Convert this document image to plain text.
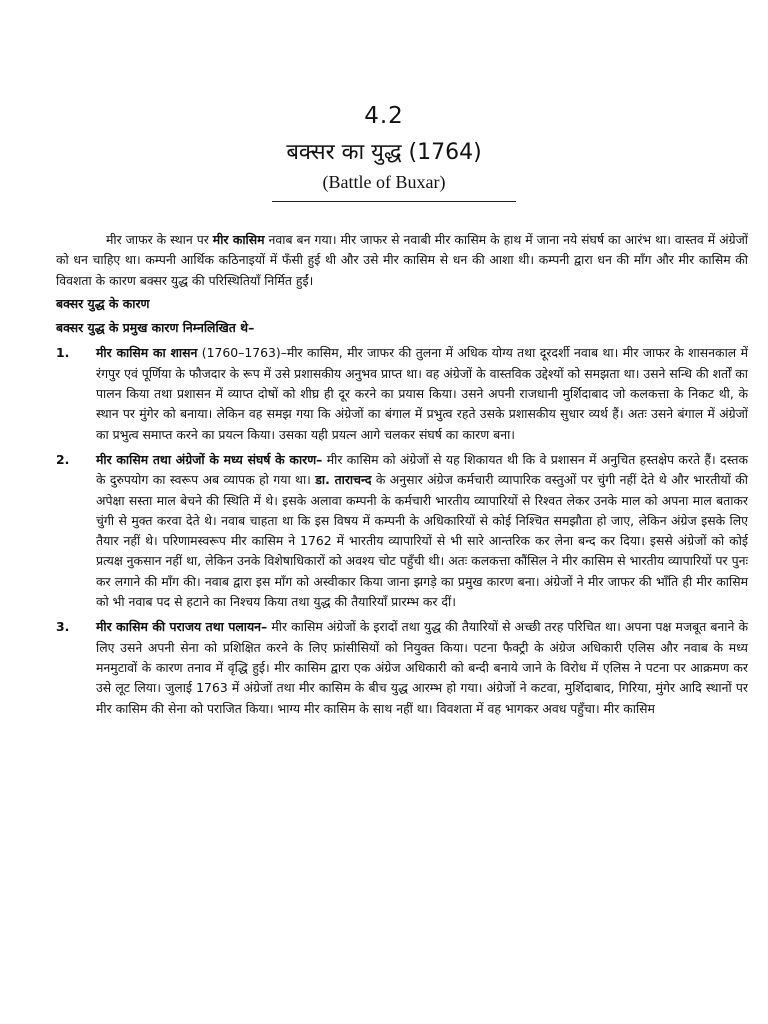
4.2
बक्सर का युद्ध (1764)
(Battle of Buxar)

मीर जाफर के स्थान पर मीर कासिम नवाब बन गया। मीर जाफर से नवाबी मीर कासिम के हाथ में जाना नये संघर्ष का आरंभ था। वास्तव में अंग्रेजों को धन चाहिए था। कम्पनी आर्थिक कठिनाइयों में फँसी हुई थी और उसे मीर कासिम से धन की आशा थी। कम्पनी द्वारा धन की माँग और मीर कासिम की विवशता के कारण बक्सर युद्ध की परिस्थितियाँ निर्मित हुईं।

बक्सर युद्ध के कारण

बक्सर युद्ध के प्रमुख कारण निम्नलिखित थे–

1. मीर कासिम का शासन (1760–1763)–मीर कासिम, मीर जाफर की तुलना में अधिक योग्य तथा दूरदर्शी नवाब था। मीर जाफर के शासनकाल में रंगपुर एवं पूर्णिया के फौजदार के रूप में उसे प्रशासकीय अनुभव प्राप्त था। वह अंग्रेजों के वास्तविक उद्देश्यों को समझता था। उसने सन्धि की शर्तों का पालन किया तथा प्रशासन में व्याप्त दोषों को शीघ्र ही दूर करने का प्रयास किया। उसने अपनी राजधानी मुर्शिदाबाद जो कलकत्ता के निकट थी, के स्थान पर मुंगेर को बनाया। लेकिन वह समझ गया कि अंग्रेजों का बंगाल में प्रभुत्व रहते उसके प्रशासकीय सुधार व्यर्थ हैं। अतः उसने बंगाल में अंग्रेजों का प्रभुत्व समाप्त करने का प्रयत्न किया। उसका यही प्रयत्न आगे चलकर संघर्ष का कारण बना।

2. मीर कासिम तथा अंग्रेजों के मध्य संघर्ष के कारण– मीर कासिम को अंग्रेजों से यह शिकायत थी कि वे प्रशासन में अनुचित हस्तक्षेप करते हैं। दस्तक के दुरुपयोग का स्वरूप अब व्यापक हो गया था। डा. ताराचन्द के अनुसार अंग्रेज कर्मचारी व्यापारिक वस्तुओं पर चुंगी नहीं देते थे और भारतीयों की अपेक्षा सस्ता माल बेचने की स्थिति में थे। इसके अलावा कम्पनी के कर्मचारी भारतीय व्यापारियों से रिश्वत लेकर उनके माल को अपना माल बताकर चुंगी से मुक्त करवा देते थे। नवाब चाहता था कि इस विषय में कम्पनी के अधिकारियों से कोई निश्चित समझौता हो जाए, लेकिन अंग्रेज इसके लिए तैयार नहीं थे। परिणामस्वरूप मीर कासिम ने 1762 में भारतीय व्यापारियों से भी सारे आन्तरिक कर लेना बन्द कर दिया। इससे अंग्रेजों को कोई प्रत्यक्ष नुकसान नहीं था, लेकिन उनके विशेषाधिकारों को अवश्य चोट पहुँची थी। अतः कलकत्ता कौंसिल ने मीर कासिम से भारतीय व्यापारियों पर पुनः कर लगाने की माँग की। नवाब द्वारा इस माँग को अस्वीकार किया जाना झगड़े का प्रमुख कारण बना। अंग्रेजों ने मीर जाफर की भाँति ही मीर कासिम को भी नवाब पद से हटाने का निश्चय किया तथा युद्ध की तैयारियाँ प्रारम्भ कर दीं।

3. मीर कासिम की पराजय तथा पलायन– मीर कासिम अंग्रेजों के इरादों तथा युद्ध की तैयारियों से अच्छी तरह परिचित था। अपना पक्ष मजबूत बनाने के लिए उसने अपनी सेना को प्रशिक्षित करने के लिए फ्रांसीसियों को नियुक्त किया। पटना फैक्ट्री के अंग्रेज अधिकारी एलिस और नवाब के मध्य मनमुटावों के कारण तनाव में वृद्धि हुई। मीर कासिम द्वारा एक अंग्रेज अधिकारी को बन्दी बनाये जाने के विरोध में एलिस ने पटना पर आक्रमण कर उसे लूट लिया। जुलाई 1763 में अंग्रेजों तथा मीर कासिम के बीच युद्ध आरम्भ हो गया। अंग्रेजों ने कटवा, मुर्शिदाबाद, गिरिया, मुंगेर आदि स्थानों पर मीर कासिम की सेना को पराजित किया। भाग्य मीर कासिम के साथ नहीं था। विवशता में वह भागकर अवध पहुँचा। मीर कासिम
